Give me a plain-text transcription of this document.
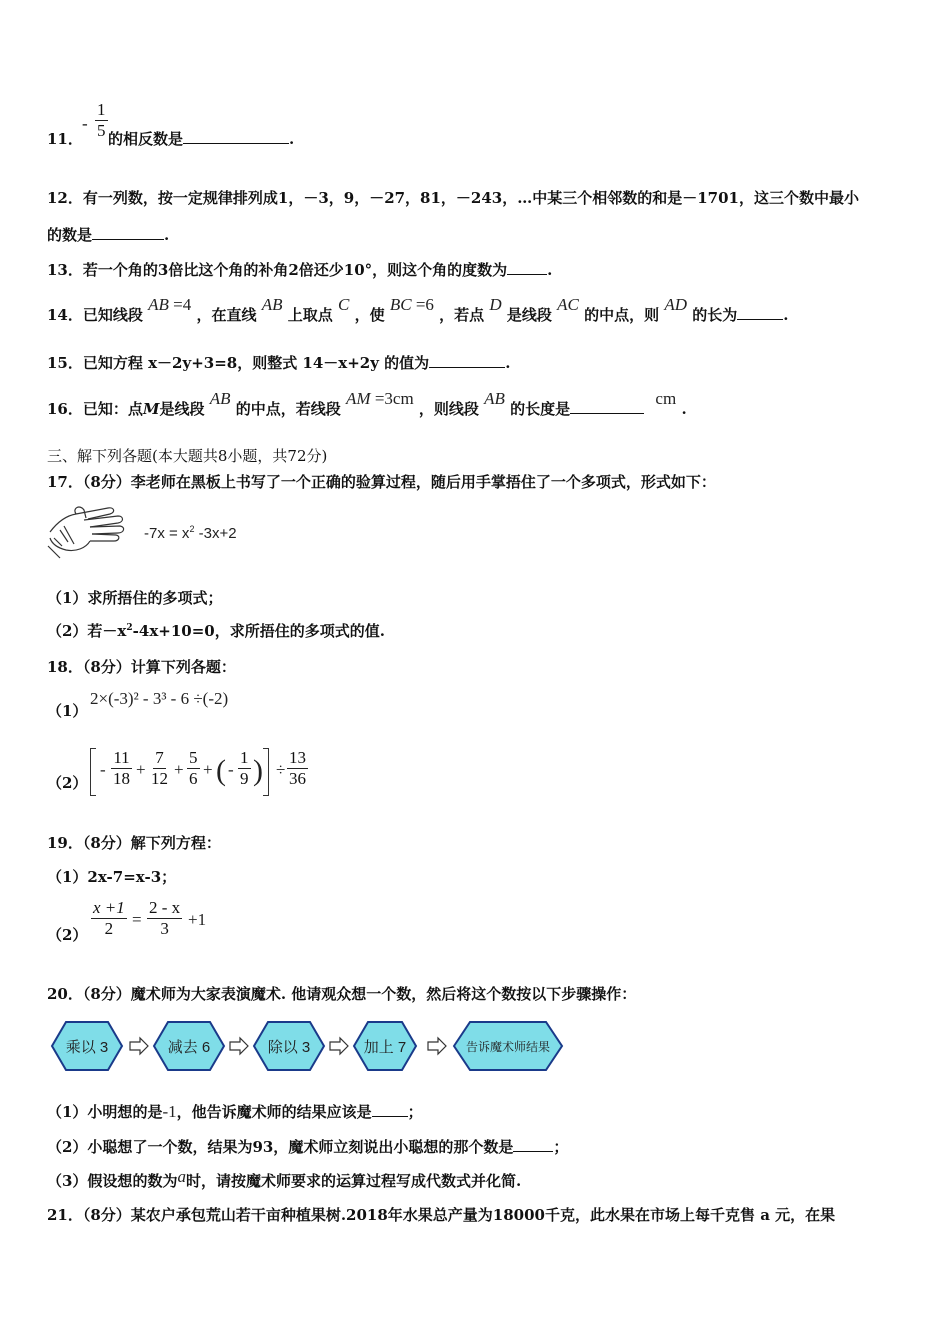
11．
- $\frac{1}{5}$ 的相反数是	.
12．有一列数，按一定规律排列成1，－3，9，－27，81，－243，…中某三个相邻数的和是－1701，这三个数中最小
的数是	.
13．若一个角的3倍比这个角的补角2倍还少10°，则这个角的度数为	.
14．已知线段 AB =4 ，在直线 AB 上取点 C ，使 BC =6 ，若点 D 是线段 AC 的中点，则 AD 的长为	.
15．已知方程 x－2y+3=8，则整式 14－x+2y 的值为	.
16．已知：点M是线段 AB 的中点，若线段 AM =3cm ，则线段 AB 的长度是 cm .
三、解下列各题(本大题共8小题，共72分)
17．（8分）李老师在黑板上书写了一个正确的验算过程，随后用手掌捂住了一个多项式，形式如下：
$-7x = x^2$ -3x+2
（1）求所捂住的多项式；
（2）若$-x^2-4x+10=0$，求所捂住的多项式的值.
18．（8分）计算下列各题：
（1）
2×(-3)² - 3³ - 6 ÷(-2)
（2）
- $\frac{11}{18} + \frac{7}{12} + \frac{5}{6}$ + ( - $\frac{1}{9}$ ) ÷ $\frac{13}{36}$
19．（8分）解下列方程：
（1）2x-7=x-3；
$(2) \frac{x +1}{2} = \frac{2 - x}{3} +1$
20．（8分）魔术师为大家表演魔术. 他请观众想一个数，然后将这个数按以下步骤操作：
乘以 3	减去 6	除以 3	加上 7	告诉魔术师结果
（1）小明想的是-1，他告诉魔术师的结果应该是 ；
（2）小聪想了一个数，结果为93，魔术师立刻说出小聪想的那个数是	；
（3）假设想的数为a时，请按魔术师要求的运算过程写成代数式并化简.
21．（8分）某农户承包荒山若干亩种植果树.2018年水果总产量为18000千克，此水果在市场上每千克售 a 元，在果
